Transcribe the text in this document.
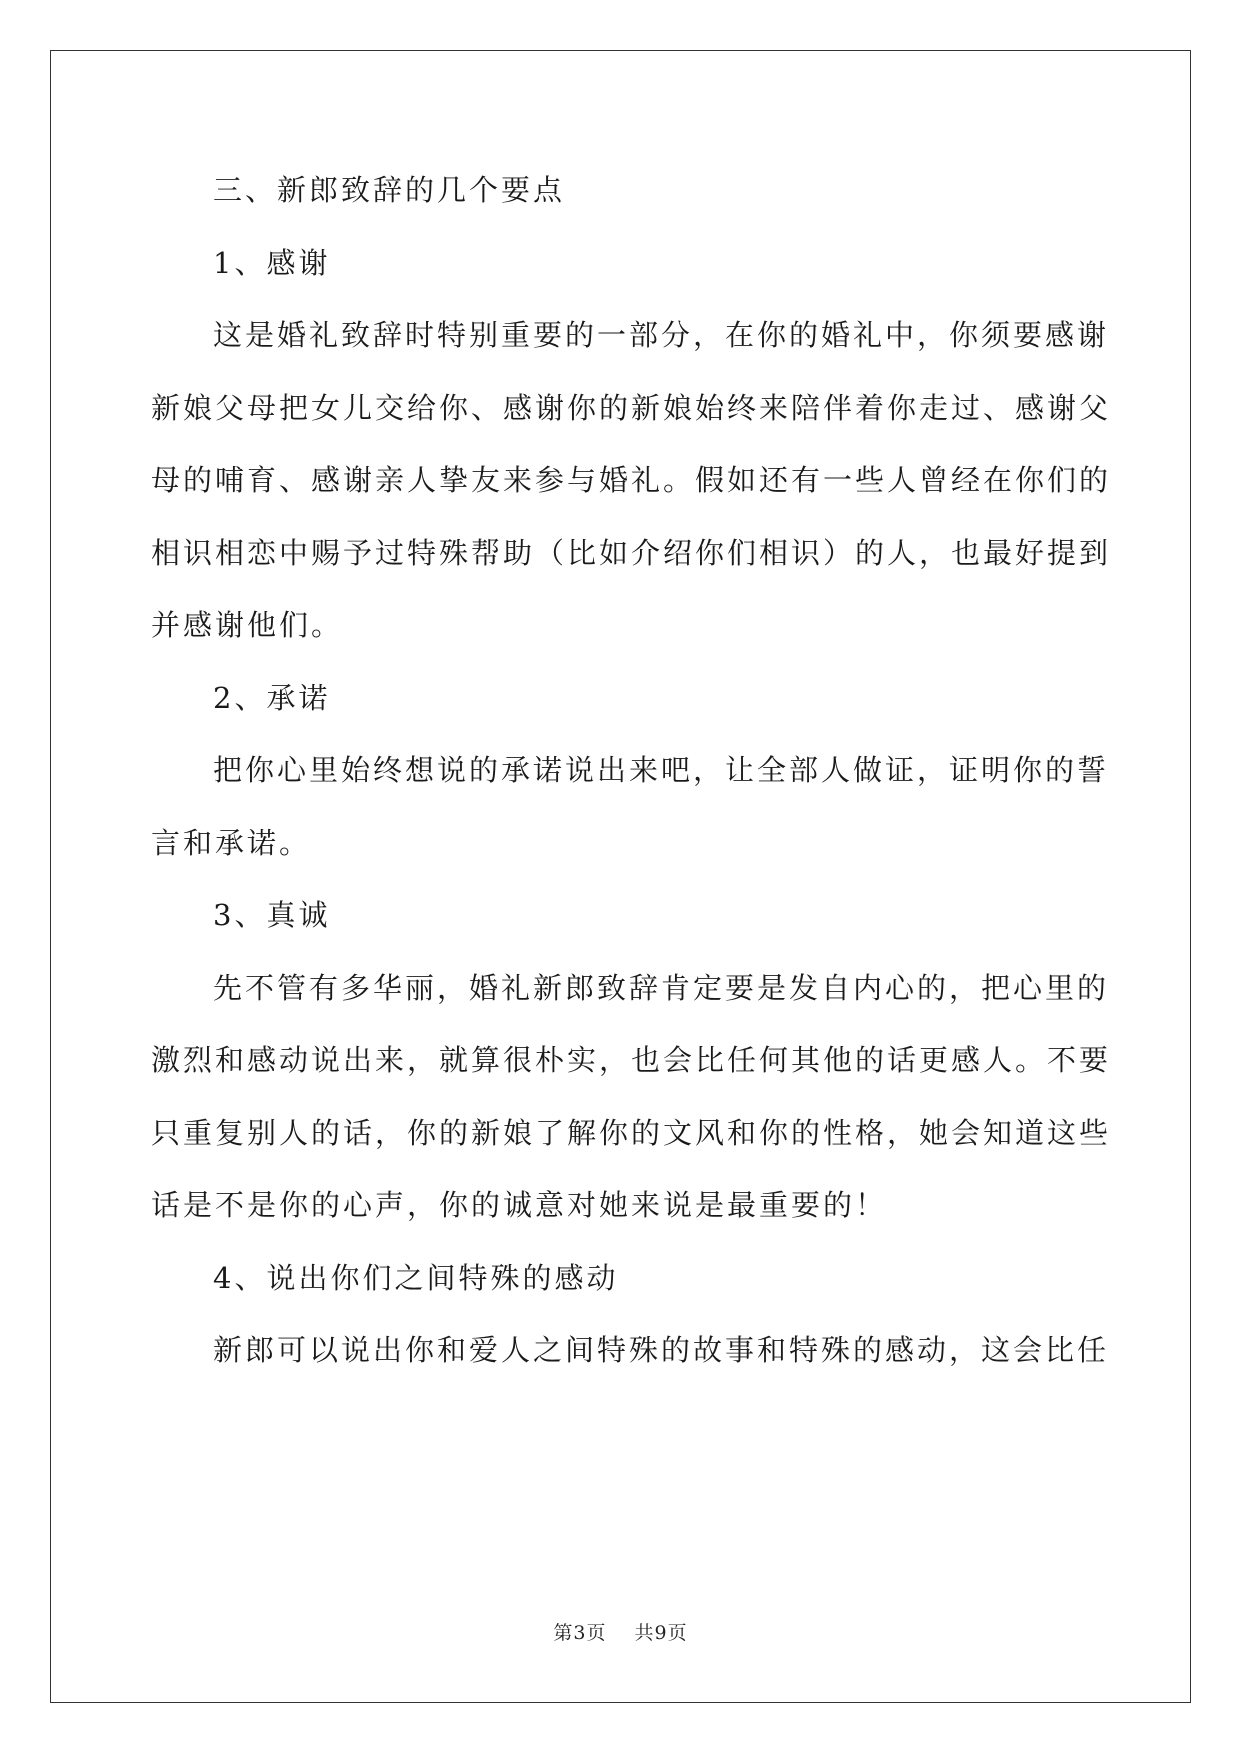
三、新郎致辞的几个要点
1、感谢
这是婚礼致辞时特别重要的一部分，在你的婚礼中，你须要感谢
新娘父母把女儿交给你、感谢你的新娘始终来陪伴着你走过、感谢父
母的哺育、感谢亲人挚友来参与婚礼。假如还有一些人曾经在你们的
相识相恋中赐予过特殊帮助（比如介绍你们相识）的人，也最好提到
并感谢他们。
2、承诺
把你心里始终想说的承诺说出来吧，让全部人做证，证明你的誓
言和承诺。
3、真诚
先不管有多华丽，婚礼新郎致辞肯定要是发自内心的，把心里的
激烈和感动说出来，就算很朴实，也会比任何其他的话更感人。不要
只重复别人的话，你的新娘了解你的文风和你的性格，她会知道这些
话是不是你的心声，你的诚意对她来说是最重要的！
4、说出你们之间特殊的感动
新郎可以说出你和爱人之间特殊的故事和特殊的感动，这会比任
第3页 共9页
